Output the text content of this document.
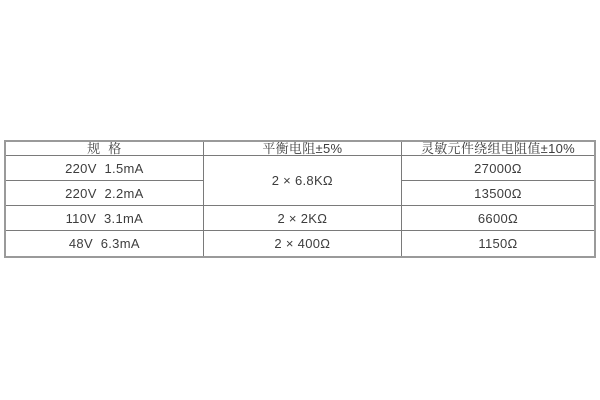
规  格	平衡电阻±5%	灵敏元件绕组电阻值±10%
220V  1.5mA	2 × 6.8KΩ	27000Ω
220V  2.2mA		13500Ω
110V  3.1mA	2 × 2KΩ	6600Ω
48V  6.3mA	2 × 400Ω	1150Ω
